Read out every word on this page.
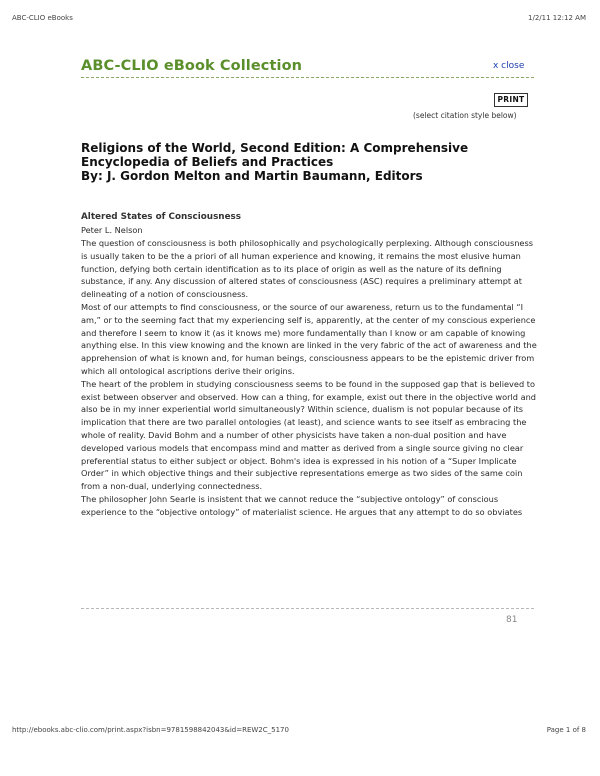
ABC-CLIO eBooks	1/2/11 12:12 AM
ABC-CLIO eBook Collection	x close
PRINT
(select citation style below)
Religions of the World, Second Edition: A Comprehensive
Encyclopedia of Beliefs and Practices
By: J. Gordon Melton and Martin Baumann, Editors
Altered States of Consciousness

Peter L. Nelson

The question of consciousness is both philosophically and psychologically perplexing. Although consciousness is usually taken to be the a priori of all human experience and knowing, it remains the most elusive human function, defying both certain identification as to its place of origin as well as the nature of its defining substance, if any. Any discussion of altered states of consciousness (ASC) requires a preliminary attempt at delineating of a notion of consciousness.

Most of our attempts to find consciousness, or the source of our awareness, return us to the fundamental “I am,” or to the seeming fact that my experiencing self is, apparently, at the center of my conscious experience and therefore I seem to know it (as it knows me) more fundamentally than I know or am capable of knowing anything else. In this view knowing and the known are linked in the very fabric of the act of awareness and the apprehension of what is known and, for human beings, consciousness appears to be the epistemic driver from which all ontological ascriptions derive their origins.

The heart of the problem in studying consciousness seems to be found in the supposed gap that is believed to exist between observer and observed. How can a thing, for example, exist out there in the objective world and also be in my inner experiential world simultaneously? Within science, dualism is not popular because of its implication that there are two parallel ontologies (at least), and science wants to see itself as embracing the whole of reality. David Bohm and a number of other physicists have taken a non-dual position and have developed various models that encompass mind and matter as derived from a single source giving no clear preferential status to either subject or object. Bohm's idea is expressed in his notion of a “Super Implicate Order” in which objective things and their subjective representations emerge as two sides of the same coin from a non-dual, underlying connectedness.

The philosopher John Searle is insistent that we cannot reduce the “subjective ontology” of conscious experience to the “objective ontology” of materialist science. He argues that any attempt to do so obviates

81
http://ebooks.abc-clio.com/print.aspx?isbn=9781598842043&id=REW2C_5170	Page 1 of 8
